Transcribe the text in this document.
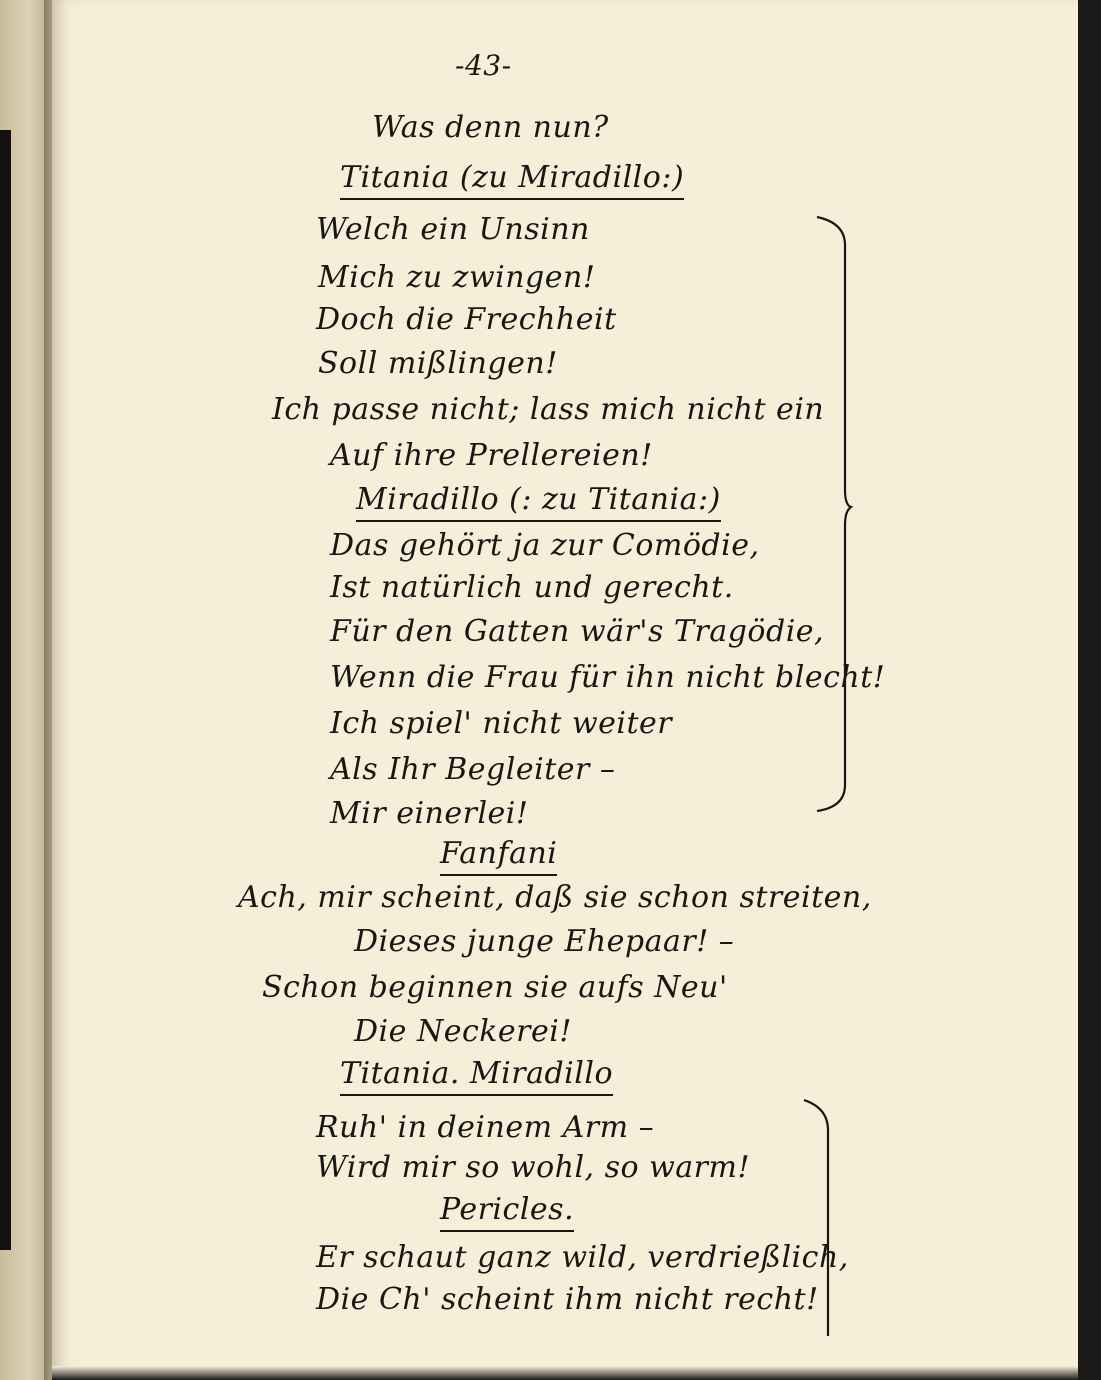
-43-
Was denn nun?
Titania (zu Miradillo:)
Welch ein Unsinn
Mich zu zwingen!
Doch die Frechheit
Soll mißlingen!
Ich passe nicht; lass mich nicht ein
Auf ihre Prellereien!
Miradillo (: zu Titania:)
Das gehört ja zur Comödie,
Ist natürlich und gerecht.
Für den Gatten wär's Tragödie,
Wenn die Frau für ihn nicht blecht!
Ich spiel' nicht weiter
Als Ihr Begleiter –
Mir einerlei!
Fanfani
Ach, mir scheint, daß sie schon streiten,
Dieses junge Ehepaar! –
Schon beginnen sie aufs Neu'
Die Neckerei!
Titania. Miradillo
Ruh' in deinem Arm –
Wird mir so wohl, so warm!
Pericles.
Er schaut ganz wild, verdrießlich,
Die Ch' scheint ihm nicht recht!
